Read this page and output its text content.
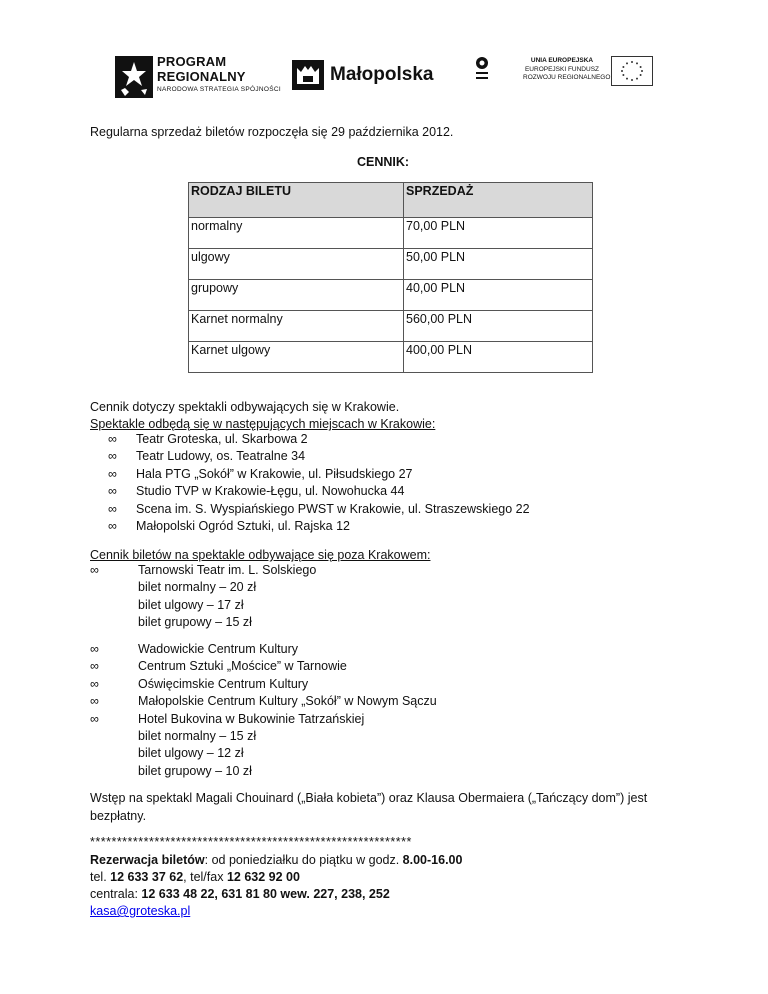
PROGRAM
REGIONALNY
NARODOWA STRATEGIA SPÓJNOŚCI
Małopolska
UNIA EUROPEJSKA
EUROPEJSKI FUNDUSZ
ROZWOJU REGIONALNEGO
Regularna sprzedaż biletów rozpoczęła się 29 października 2012.
CENNIK:
RODZAJ BILETU	SPRZEDAŻ
normalny	70,00 PLN
ulgowy	50,00 PLN
grupowy	40,00 PLN
Karnet normalny	560,00 PLN
Karnet ulgowy	400,00 PLN
Cennik dotyczy spektakli odbywających się w Krakowie.
Spektakle odbędą się w następujących miejscach w Krakowie:
∞ Teatr Groteska, ul. Skarbowa 2
∞ Teatr Ludowy, os. Teatralne 34
∞ Hala PTG „Sokół” w Krakowie, ul. Piłsudskiego 27
∞ Studio TVP w Krakowie-Łęgu, ul. Nowohucka 44
∞ Scena im. S. Wyspiańskiego PWST w Krakowie, ul. Straszewskiego 22
∞ Małopolski Ogród Sztuki, ul. Rajska 12
Cennik biletów na spektakle odbywające się poza Krakowem:
∞	Tarnowski Teatr im. L. Solskiego
bilet normalny – 20 zł
bilet ulgowy – 17 zł
bilet grupowy – 15 zł
∞	Wadowickie Centrum Kultury
∞	Centrum Sztuki „Mościce” w Tarnowie
∞	Oświęcimskie Centrum Kultury
∞	Małopolskie Centrum Kultury „Sokół” w Nowym Sączu
∞	Hotel Bukovina w Bukowinie Tatrzańskiej
bilet normalny – 15 zł
bilet ulgowy – 12 zł
bilet grupowy – 10 zł
Wstęp na spektakl Magali Chouinard („Biała kobieta”) oraz Klausa Obermaiera („Tańczący dom”) jest
bezpłatny.
************************************************************
Rezerwacja biletów: od poniedziałku do piątku w godz. 8.00-16.00
tel. 12 633 37 62, tel/fax 12 632 92 00
centrala: 12 633 48 22, 631 81 80 wew. 227, 238, 252
kasa@groteska.pl
